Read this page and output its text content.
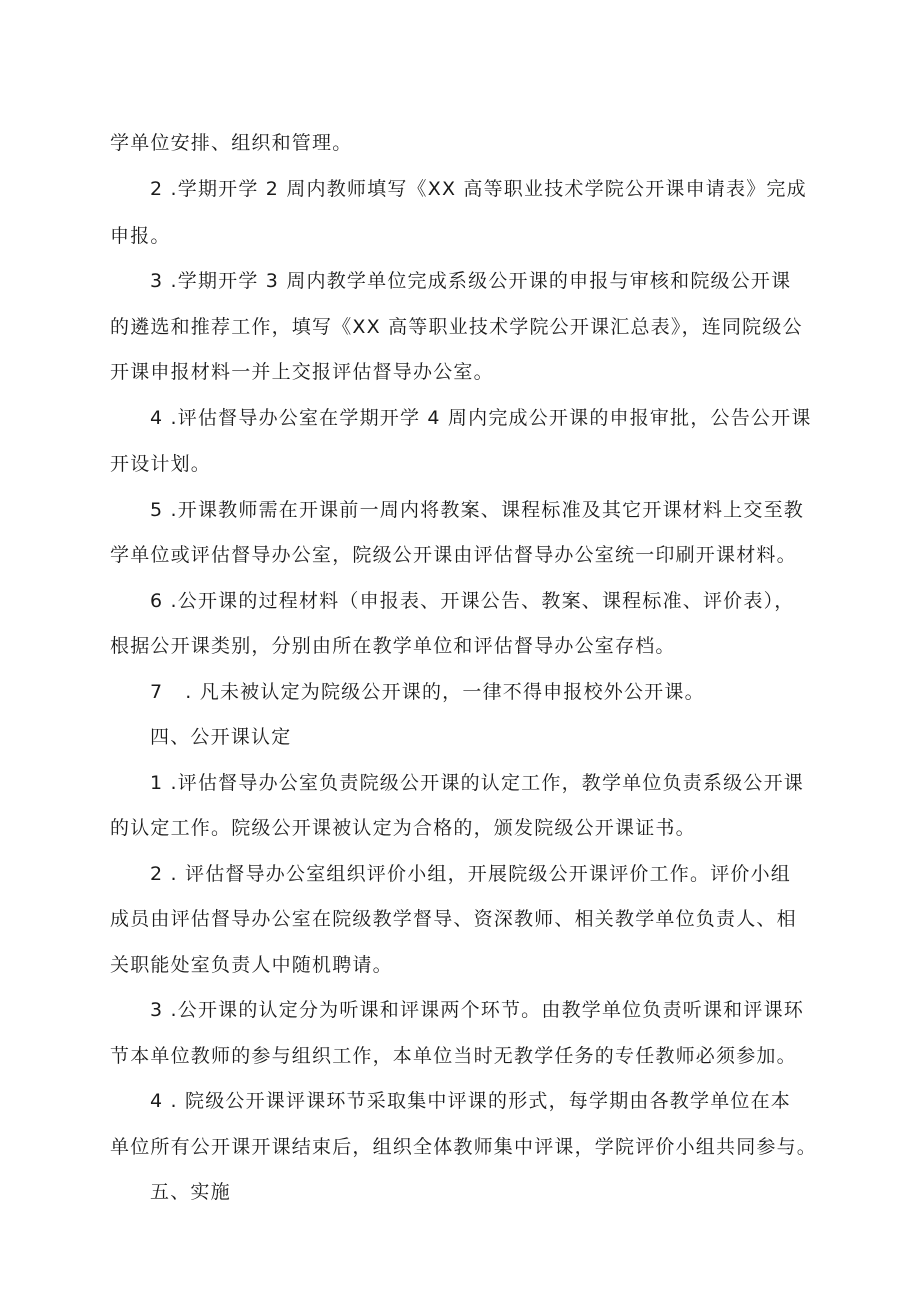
学单位安排、组织和管理。
2 .学期开学 2 周内教师填写《XX 高等职业技术学院公开课申请表》完成
申报。
3 .学期开学 3 周内教学单位完成系级公开课的申报与审核和院级公开课
的遴选和推荐工作，填写《XX 高等职业技术学院公开课汇总表》，连同院级公
开课申报材料一并上交报评估督导办公室。
4 .评估督导办公室在学期开学 4 周内完成公开课的申报审批，公告公开课
开设计划。
5 .开课教师需在开课前一周内将教案、课程标准及其它开课材料上交至教
学单位或评估督导办公室，院级公开课由评估督导办公室统一印刷开课材料。
6 .公开课的过程材料（申报表、开课公告、教案、课程标准、评价表），
根据公开课类别，分别由所在教学单位和评估督导办公室存档。
7 . 凡未被认定为院级公开课的，一律不得申报校外公开课。
四、公开课认定
1 .评估督导办公室负责院级公开课的认定工作，教学单位负责系级公开课
的认定工作。院级公开课被认定为合格的，颁发院级公开课证书。
2 . 评估督导办公室组织评价小组，开展院级公开课评价工作。评价小组
成员由评估督导办公室在院级教学督导、资深教师、相关教学单位负责人、相
关职能处室负责人中随机聘请。
3 .公开课的认定分为听课和评课两个环节。由教学单位负责听课和评课环
节本单位教师的参与组织工作，本单位当时无教学任务的专任教师必须参加。
4 . 院级公开课评课环节采取集中评课的形式，每学期由各教学单位在本
单位所有公开课开课结束后，组织全体教师集中评课，学院评价小组共同参与。
五、实施
